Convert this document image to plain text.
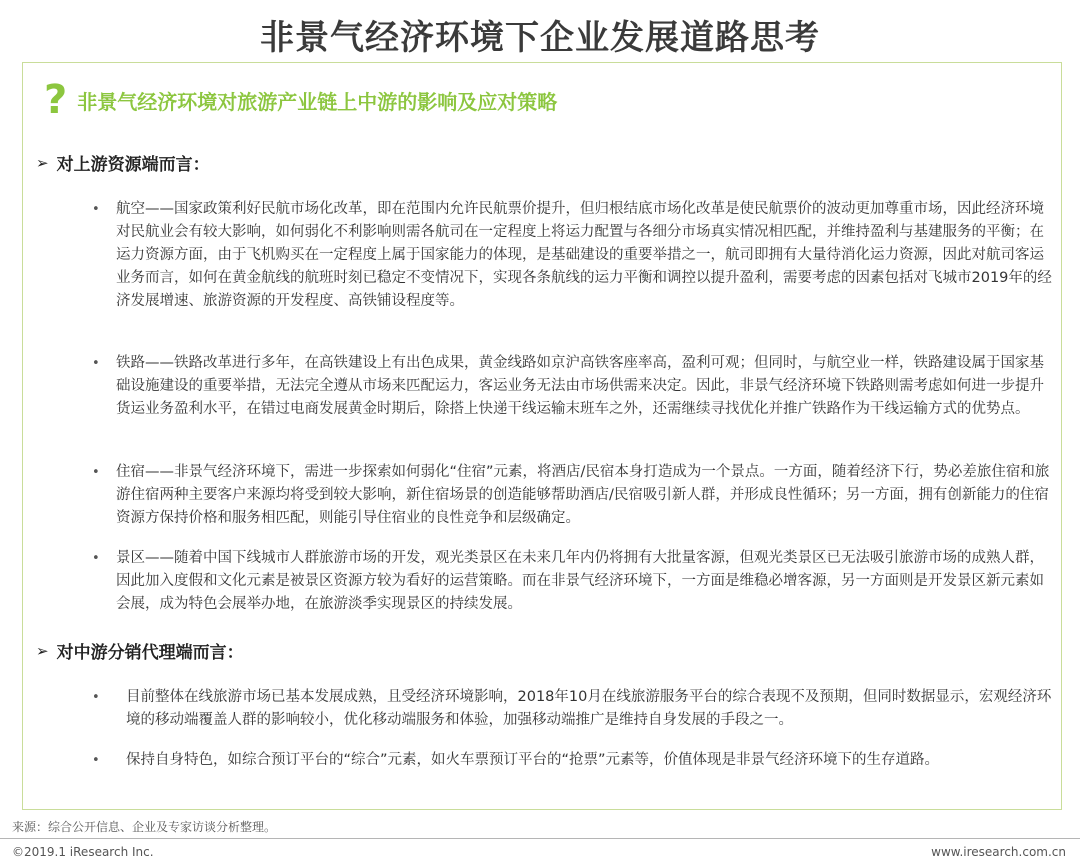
非景气经济环境下企业发展道路思考
? 非景气经济环境对旅游产业链上中游的影响及应对策略
➢ 对上游资源端而言：
•	航空——国家政策利好民航市场化改革，即在范围内允许民航票价提升，但归根结底市场化改革是使民航票价的波动更加尊重市场，因此经济环境对民航业会有较大影响，如何弱化不利影响则需各航司在一定程度上将运力配置与各细分市场真实情况相匹配，并维持盈利与基建服务的平衡；在运力资源方面，由于飞机购买在一定程度上属于国家能力的体现，是基础建设的重要举措之一，航司即拥有大量待消化运力资源，因此对航司客运业务而言，如何在黄金航线的航班时刻已稳定不变情况下，实现各条航线的运力平衡和调控以提升盈利，需要考虑的因素包括对飞城市2019年的经济发展增速、旅游资源的开发程度、高铁铺设程度等。
•	铁路——铁路改革进行多年，在高铁建设上有出色成果，黄金线路如京沪高铁客座率高，盈利可观；但同时，与航空业一样，铁路建设属于国家基础设施建设的重要举措，无法完全遵从市场来匹配运力，客运业务无法由市场供需来决定。因此，非景气经济环境下铁路则需考虑如何进一步提升货运业务盈利水平，在错过电商发展黄金时期后，除搭上快递干线运输末班车之外，还需继续寻找优化并推广铁路作为干线运输方式的优势点。
•	住宿——非景气经济环境下，需进一步探索如何弱化“住宿”元素，将酒店/民宿本身打造成为一个景点。一方面，随着经济下行，势必差旅住宿和旅游住宿两种主要客户来源均将受到较大影响，新住宿场景的创造能够帮助酒店/民宿吸引新人群，并形成良性循环；另一方面，拥有创新能力的住宿资源方保持价格和服务相匹配，则能引导住宿业的良性竞争和层级确定。
•	景区——随着中国下线城市人群旅游市场的开发，观光类景区在未来几年内仍将拥有大批量客源，但观光类景区已无法吸引旅游市场的成熟人群，因此加入度假和文化元素是被景区资源方较为看好的运营策略。而在非景气经济环境下，一方面是维稳必增客源，另一方面则是开发景区新元素如会展，成为特色会展举办地，在旅游淡季实现景区的持续发展。
➢ 对中游分销代理端而言：
•	目前整体在线旅游市场已基本发展成熟，且受经济环境影响，2018年10月在线旅游服务平台的综合表现不及预期，但同时数据显示，宏观经济环境的移动端覆盖人群的影响较小，优化移动端服务和体验，加强移动端推广是维持自身发展的手段之一。
•	保持自身特色，如综合预订平台的“综合”元素，如火车票预订平台的“抢票”元素等，价值体现是非景气经济环境下的生存道路。
来源：综合公开信息、企业及专家访谈分析整理。
©2019.1 iResearch Inc.	www.iresearch.com.cn
